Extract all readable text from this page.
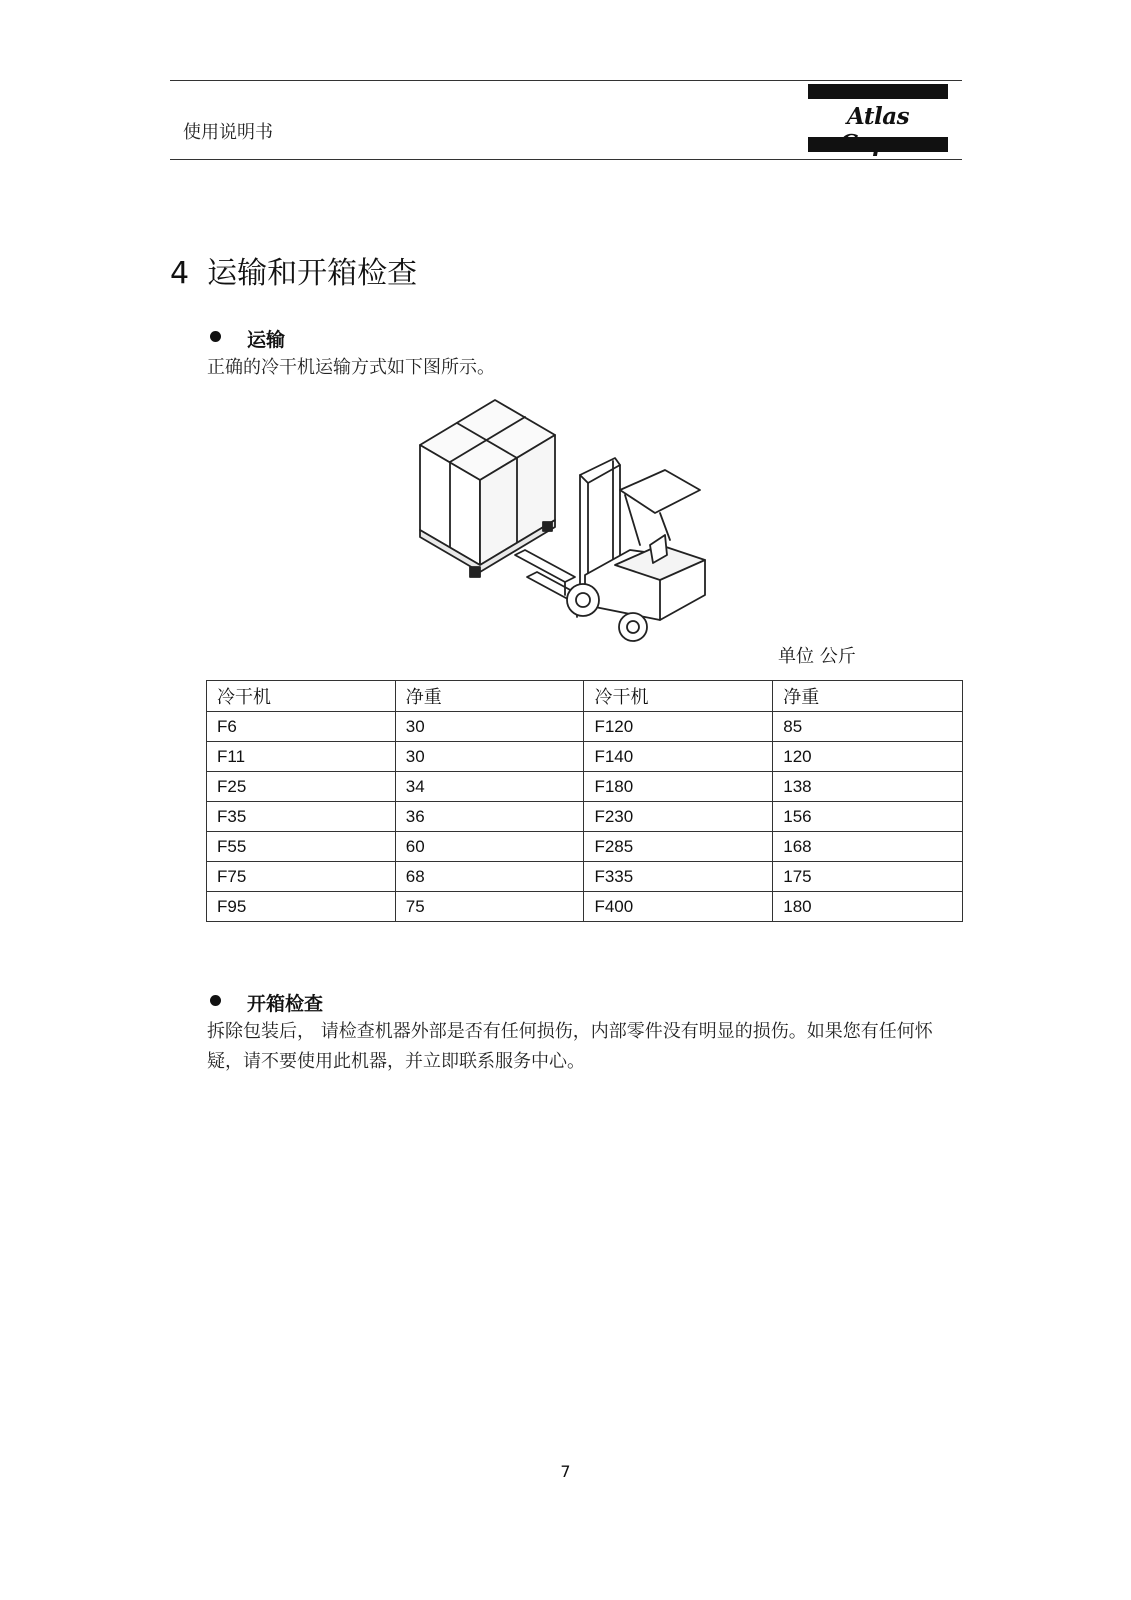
使用说明书
Atlas
4 运输和开箱检查
运输
正确的冷干机运输方式如下图所示。
单位 公斤
冷干机	净重	冷干机	净重
F6	30	F120	85
F11	30	F140	120
F25	34	F180	138
F35	36	F230	156
F55	60	F285	168
F75	68	F335	175
F95	75	F400	180
开箱检查
拆除包装后， 请检查机器外部是否有任何损伤，内部零件没有明显的损伤。如果您有任何怀疑，请不要使用此机器，并立即联系服务中心。
7
